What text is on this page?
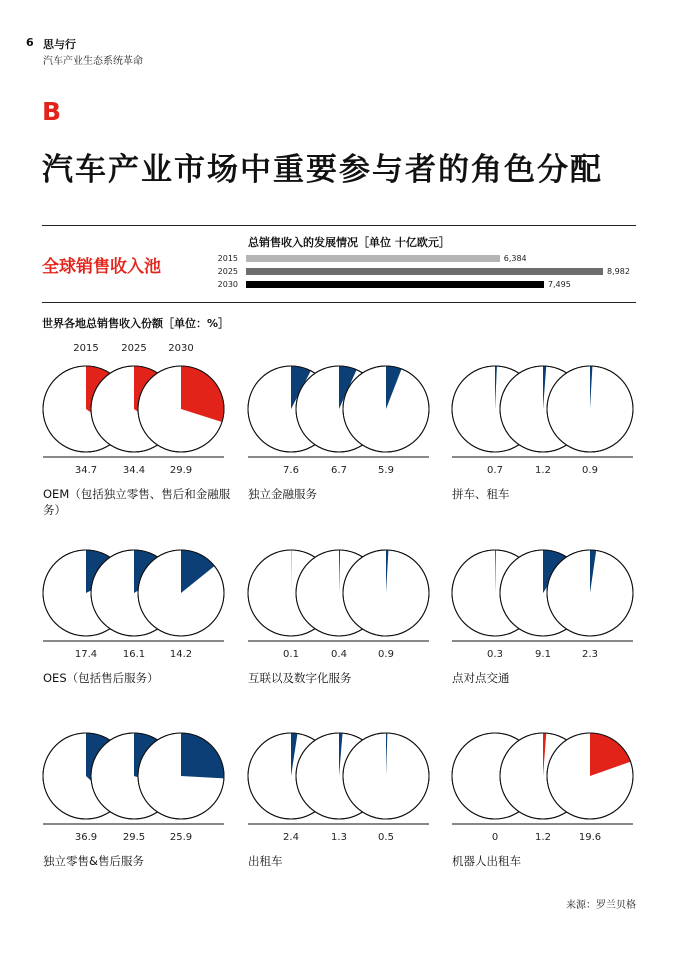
6 思与行
汽车产业生态系统革命
B
汽车产业市场中重要参与者的角色分配
全球销售收入池
总销售收入的发展情况［单位 十亿欧元］
2015	6,384
2025	8,982
2030	7,495
世界各地总销售收入份额［单位：%］
2015	2025	2030
34.7	34.4	29.9
OEM（包括独立零售、售后和金融服务）
7.6	6.7	5.9
独立金融服务
0.7	1.2	0.9
拼车、租车
17.4	16.1	14.2
OES（包括售后服务）
0.1	0.4	0.9
互联以及数字化服务
0.3	9.1	2.3
点对点交通
36.9	29.5	25.9
独立零售&售后服务
2.4	1.3	0.5
出租车
0	1.2	19.6
机器人出租车
来源：罗兰贝格
